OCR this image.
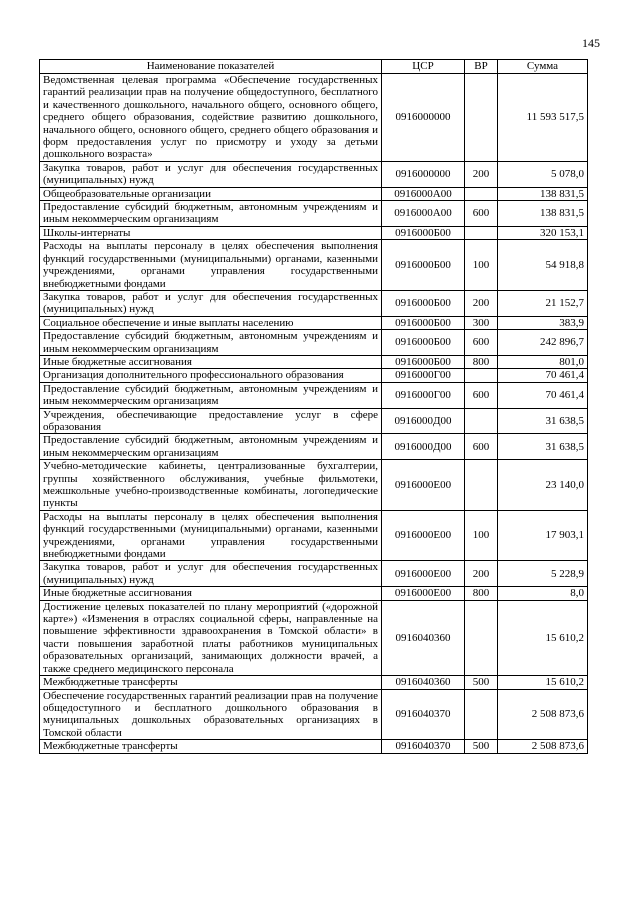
145
Наименование показателей	ЦСР	ВР	Сумма
Ведомственная целевая программа «Обеспечение государственных гарантий реализации прав на получение общедоступного, бесплатного и качественного дошкольного, начального общего, основного общего, среднего общего образования, содействие развитию дошкольного, начального общего, основного общего, среднего общего образования и форм предоставления услуг по присмотру и уходу за детьми дошкольного возраста»	0916000000		11 593 517,5
Закупка товаров, работ и услуг для обеспечения государственных (муниципальных) нужд	0916000000	200	5 078,0
Общеобразовательные организации	0916000А00		138 831,5
Предоставление субсидий бюджетным, автономным учреждениям и иным некоммерческим организациям	0916000А00	600	138 831,5
Школы-интернаты	0916000Б00		320 153,1
Расходы на выплаты персоналу в целях обеспечения выполнения функций государственными (муниципальными) органами, казенными учреждениями, органами управления государственными внебюджетными фондами	0916000Б00	100	54 918,8
Закупка товаров, работ и услуг для обеспечения государственных (муниципальных) нужд	0916000Б00	200	21 152,7
Социальное обеспечение и иные выплаты населению	0916000Б00	300	383,9
Предоставление субсидий бюджетным, автономным учреждениям и иным некоммерческим организациям	0916000Б00	600	242 896,7
Иные бюджетные ассигнования	0916000Б00	800	801,0
Организация дополнительного профессионального образования	0916000Г00		70 461,4
Предоставление субсидий бюджетным, автономным учреждениям и иным некоммерческим организациям	0916000Г00	600	70 461,4
Учреждения, обеспечивающие предоставление услуг в сфере образования	0916000Д00		31 638,5
Предоставление субсидий бюджетным, автономным учреждениям и иным некоммерческим организациям	0916000Д00	600	31 638,5
Учебно-методические кабинеты, централизованные бухгалтерии, группы хозяйственного обслуживания, учебные фильмотеки, межшкольные учебно-производственные комбинаты, логопедические пункты	0916000Е00		23 140,0
Расходы на выплаты персоналу в целях обеспечения выполнения функций государственными (муниципальными) органами, казенными учреждениями, органами управления государственными внебюджетными фондами	0916000Е00	100	17 903,1
Закупка товаров, работ и услуг для обеспечения государственных (муниципальных) нужд	0916000Е00	200	5 228,9
Иные бюджетные ассигнования	0916000Е00	800	8,0
Достижение целевых показателей по плану мероприятий («дорожной карте») «Изменения в отраслях социальной сферы, направленные на повышение эффективности здравоохранения в Томской области» в части повышения заработной платы работников муниципальных образовательных организаций, занимающих должности врачей, а также среднего медицинского персонала	0916040360		15 610,2
Межбюджетные трансферты	0916040360	500	15 610,2
Обеспечение государственных гарантий реализации прав на получение общедоступного и бесплатного дошкольного образования в муниципальных дошкольных образовательных организациях в Томской области	0916040370		2 508 873,6
Межбюджетные трансферты	0916040370	500	2 508 873,6
